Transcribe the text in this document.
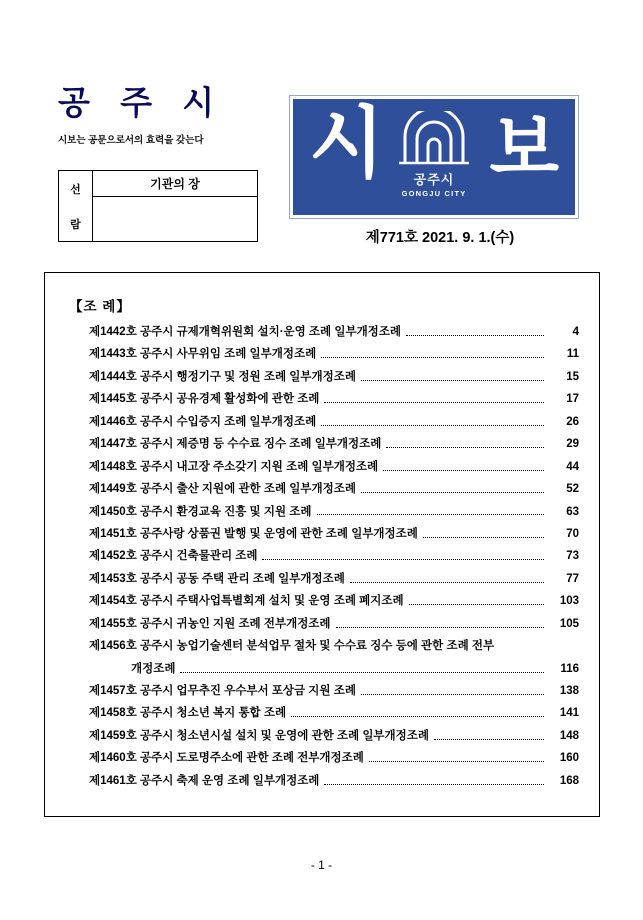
공 주 시
시보는 공문으로서의 효력을 갖는다
선
람
기관의 장	시	공주시
GONGJU CITY
보
제771호 2021. 9. 1.(수)
【조 례】
제1442호 공주시 규제개혁위원회 설치·운영 조례 일부개정조례	4
제1443호 공주시 사무위임 조례 일부개정조례	11
제1444호 공주시 행정기구 및 정원 조례 일부개정조례	15
제1445호 공주시 공유경제 활성화에 관한 조례	17
제1446호 공주시 수입증지 조례 일부개정조례	26
제1447호 공주시 제증명 등 수수료 징수 조례 일부개정조례	29
제1448호 공주시 내고장 주소갖기 지원 조례 일부개정조례	44
제1449호 공주시 출산 지원에 관한 조례 일부개정조례	52
제1450호 공주시 환경교육 진흥 및 지원 조례	63
제1451호 공주사랑 상품권 발행 및 운영에 관한 조례 일부개정조례	70
제1452호 공주시 건축물관리 조례	73
제1453호 공주시 공동 주택 관리 조례 일부개정조례	77
제1454호 공주시 주택사업특별회계 설치 및 운영 조례 폐지조례	103
제1455호 공주시 귀농인 지원 조례 전부개정조례	105
제1456호 공주시 농업기술센터 분석업무 절차 및 수수료 징수 등에 관한 조례 전부
개정조례	116
제1457호 공주시 업무추진 우수부서 포상금 지원 조례	138
제1458호 공주시 청소년 복지 통합 조례	141
제1459호 공주시 청소년시설 설치 및 운영에 관한 조례 일부개정조례	148
제1460호 공주시 도로명주소에 관한 조례 전부개정조례	160
제1461호 공주시 축제 운영 조례 일부개정조례	168
- 1 -
